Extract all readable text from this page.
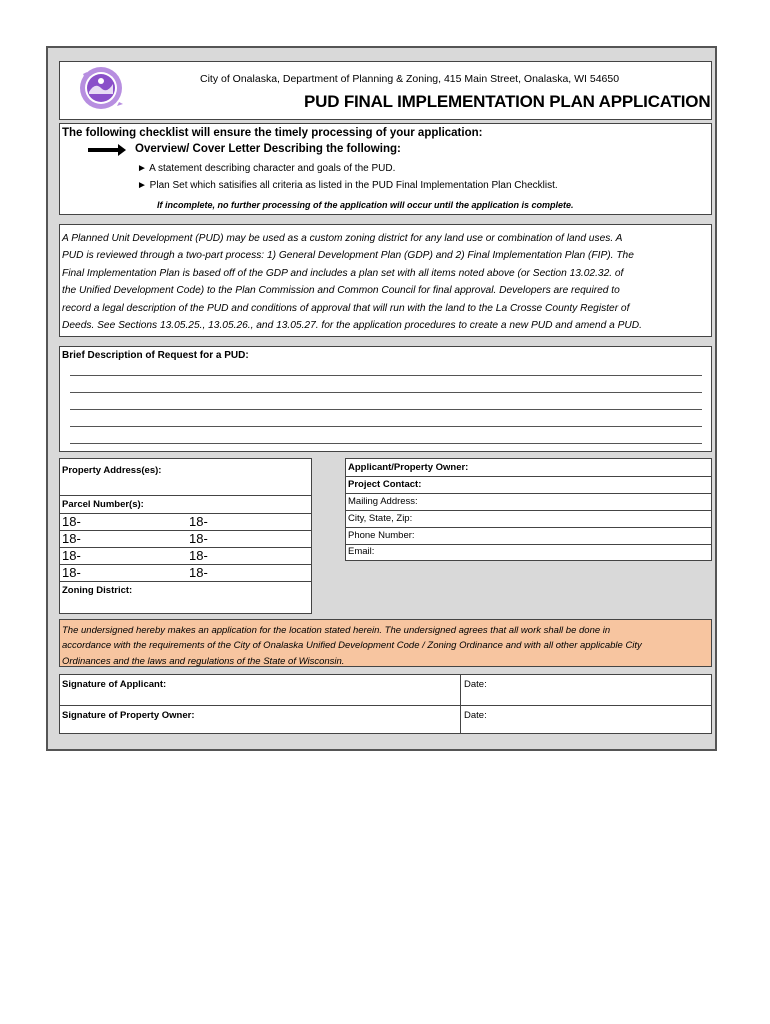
City of Onalaska, Department of Planning & Zoning, 415 Main Street, Onalaska, WI 54650
PUD FINAL IMPLEMENTATION PLAN APPLICATION
The following checklist will ensure the timely processing of your application:
Overview/ Cover Letter Describing the following:
► A statement describing character and goals of the PUD.
► Plan Set which satisifies all criteria as listed in the PUD Final Implementation Plan Checklist.
If incomplete, no further processing of the application will occur until the application is complete.
A Planned Unit Development (PUD) may be used as a custom zoning district for any land use or combination of land uses. A
PUD is reviewed through a two-part process: 1) General Development Plan (GDP) and 2) Final Implementation Plan (FIP). The
Final Implementation Plan is based off of the GDP and includes a plan set with all items noted above (or Section 13.02.32. of
the Unified Development Code) to the Plan Commission and Common Council for final approval. Developers are required to
record a legal description of the PUD and conditions of approval that will run with the land to the La Crosse County Register of
Deeds. See Sections 13.05.25., 13.05.26., and 13.05.27. for the application procedures to create a new PUD and amend a PUD.
Brief Description of Request for a PUD:
Property Address(es):
Parcel Number(s):
18-	18-
18-	18-
18-	18-
18-	18-
Zoning District:
Applicant/Property Owner:
Project Contact:
Mailing Address:
City, State, Zip:
Phone Number:
Email:
The undersigned hereby makes an application for the location stated herein. The undersigned agrees that all work shall be done in
accordance with the requirements of the City of Onalaska Unified Development Code / Zoning Ordinance and with all other applicable City
Ordinances and the laws and regulations of the State of Wisconsin.
Signature of Applicant:	Date:
Signature of Property Owner:	Date:
